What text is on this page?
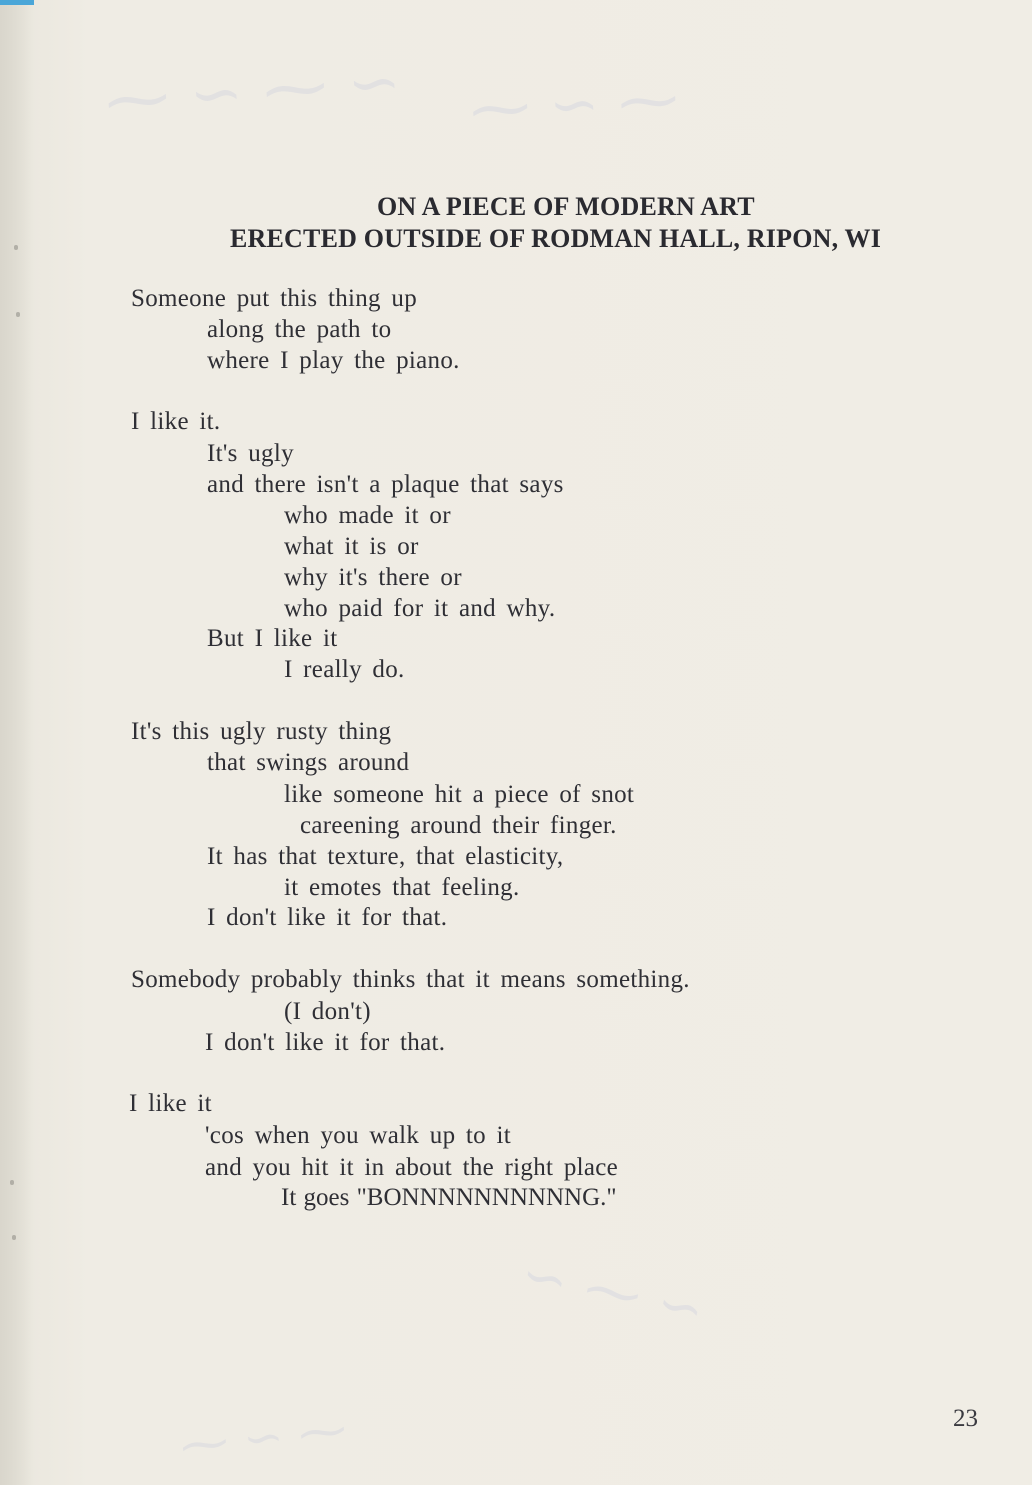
⁓ ∽ ⁓ ∽ ⁓ ∽ ⁓
∽ ⁓ ∽
⁓ ∽ ⁓
ON A PIECE OF MODERN ART
ERECTED OUTSIDE OF RODMAN HALL, RIPON, WI
Someone put this thing up
along the path to
where I play the piano.
I like it.
It's ugly
and there isn't a plaque that says
who made it or
what it is or
why it's there or
who paid for it and why.
But I like it
I really do.
It's this ugly rusty thing
that swings around
like someone hit a piece of snot
careening around their finger.
It has that texture, that elasticity,
it emotes that feeling.
I don't like it for that.
Somebody probably thinks that it means something.
(I don't)
I don't like it for that.
I like it
'cos when you walk up to it
and you hit it in about the right place
It goes "BONNNNNNNNNNG."
23
